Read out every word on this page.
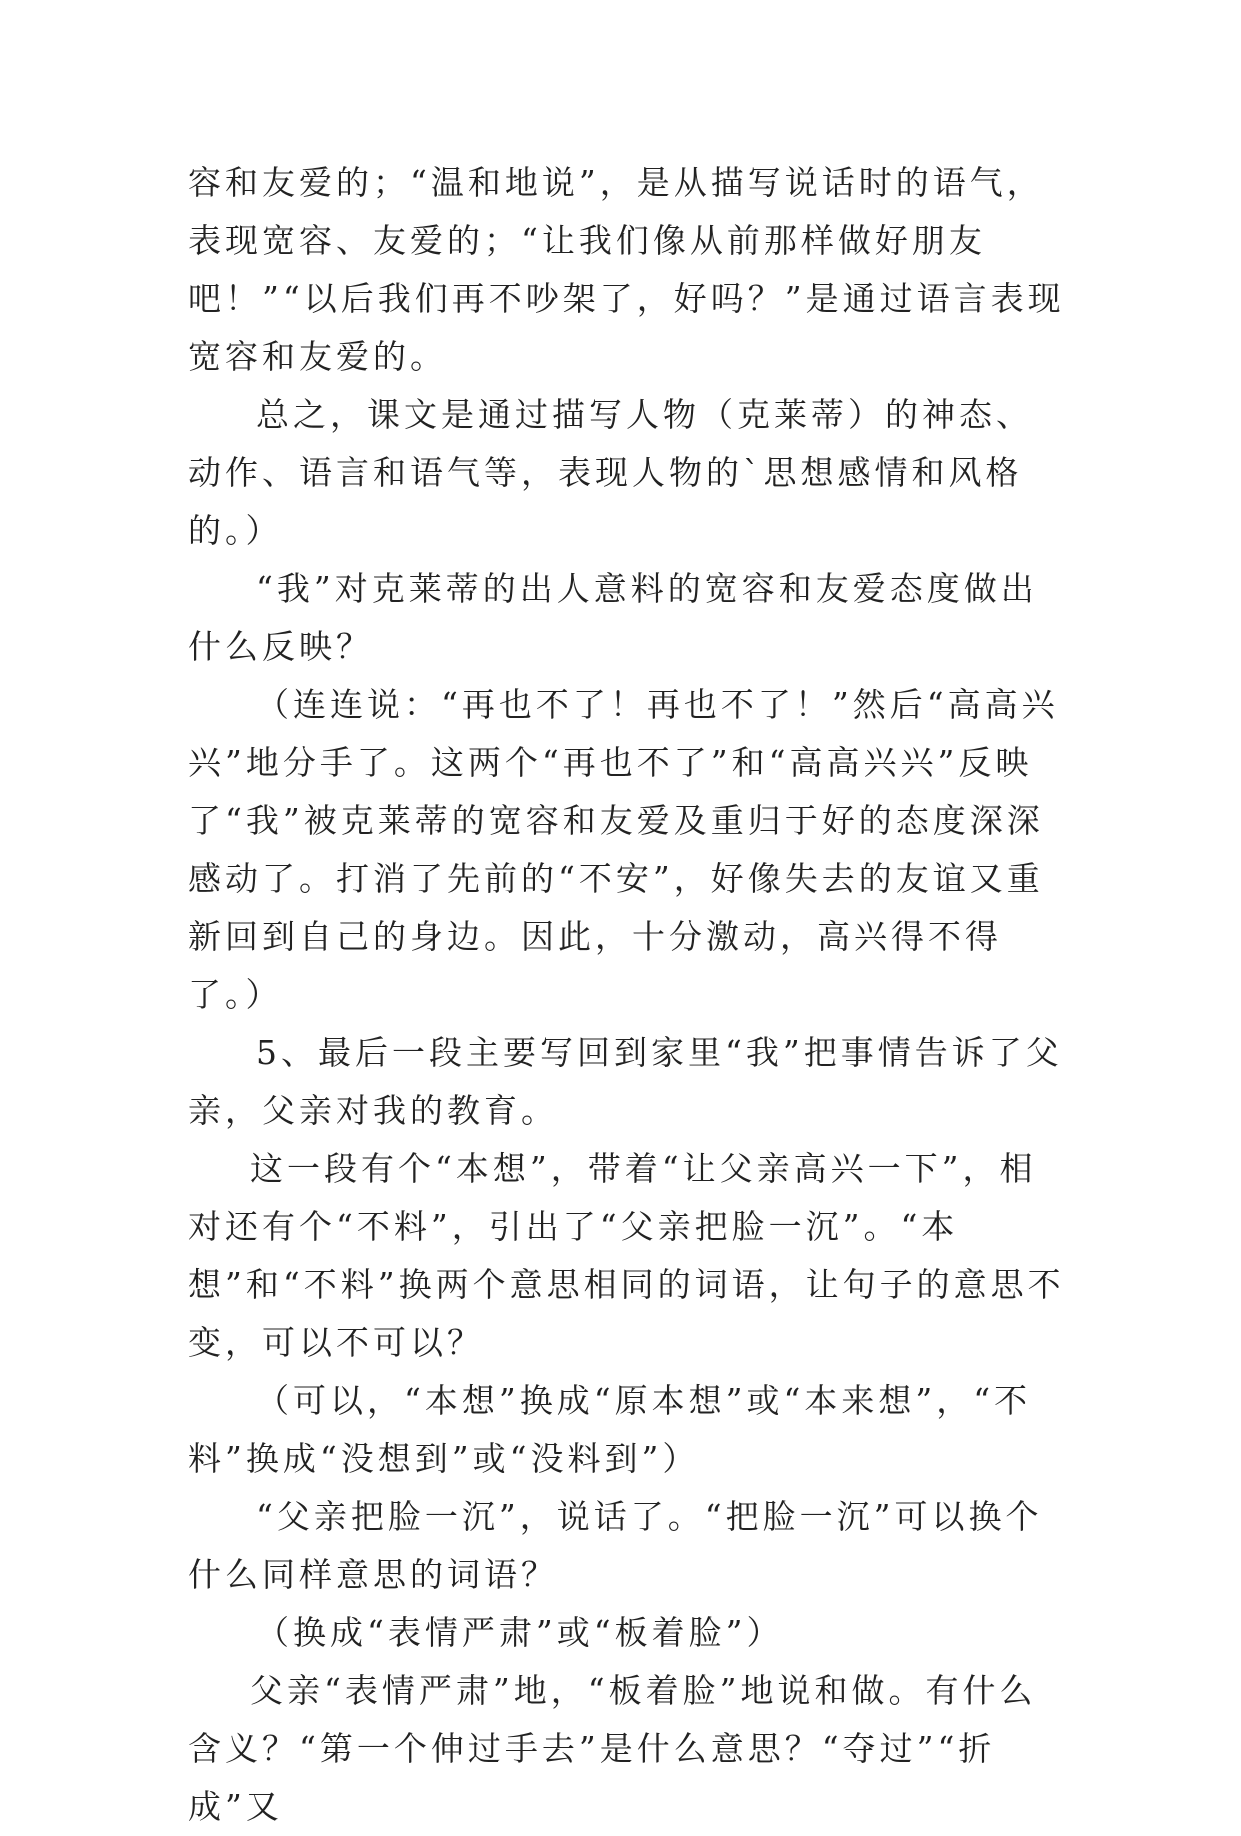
容和友爱的；“温和地说”，是从描写说话时的语气，表现宽容、友爱的；“让我们像从前那样做好朋友吧！”“以后我们再不吵架了，好吗？”是通过语言表现宽容和友爱的。

总之，课文是通过描写人物（克莱蒂）的神态、动作、语言和语气等，表现人物的`思想感情和风格的。）

“我”对克莱蒂的出人意料的宽容和友爱态度做出什么反映？

（连连说：“再也不了！再也不了！”然后“高高兴兴”地分手了。这两个“再也不了”和“高高兴兴”反映了“我”被克莱蒂的宽容和友爱及重归于好的态度深深感动了。打消了先前的“不安”，好像失去的友谊又重新回到自己的身边。因此，十分激动，高兴得不得了。）

5、最后一段主要写回到家里“我”把事情告诉了父亲，父亲对我的教育。

这一段有个“本想”，带着“让父亲高兴一下”，相对还有个“不料”，引出了“父亲把脸一沉”。“本想”和“不料”换两个意思相同的词语，让句子的意思不变，可以不可以？

（可以，“本想”换成“原本想”或“本来想”，“不料”换成“没想到”或“没料到”）

“父亲把脸一沉”，说话了。“把脸一沉”可以换个什么同样意思的词语？

（换成“表情严肃”或“板着脸”）

父亲“表情严肃”地，“板着脸”地说和做。有什么含义？“第一个伸过手去”是什么意思？“夺过”“折成”又
